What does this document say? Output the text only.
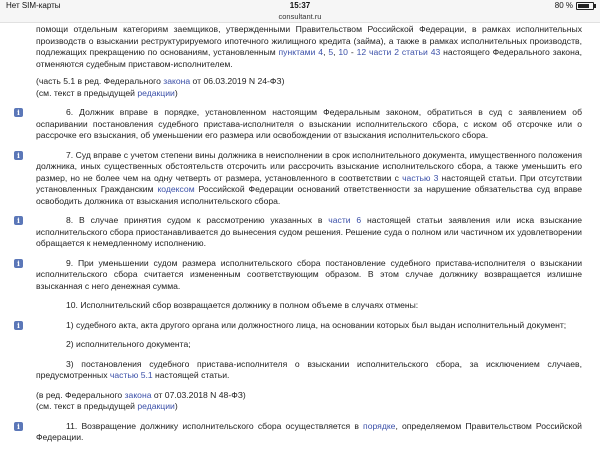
Нет SIM-карты	15:37	80 %
consultant.ru
помощи отдельным категориям заемщиков, утвержденными Правительством Российской Федерации, в рамках исполнительных производств о взыскании реструктурируемого ипотечного жилищного кредита (займа), а также в рамках исполнительных производств, подлежащих прекращению по основаниям, установленным пунктами 4, 5, 10 - 12 части 2 статьи 43 настоящего Федерального закона, отменяются судебным приставом-исполнителем.
(часть 5.1 в ред. Федерального закона от 06.03.2019 N 24-ФЗ)
(см. текст в предыдущей редакции)
i	6. Должник вправе в порядке, установленном настоящим Федеральным законом, обратиться в суд с заявлением об оспаривании постановления судебного пристава-исполнителя о взыскании исполнительского сбора, с иском об отсрочке или о рассрочке его взыскания, об уменьшении его размера или освобождении от взыскания исполнительского сбора.
i	7. Суд вправе с учетом степени вины должника в неисполнении в срок исполнительного документа, имущественного положения должника, иных существенных обстоятельств отсрочить или рассрочить взыскание исполнительского сбора, а также уменьшить его размер, но не более чем на одну четверть от размера, установленного в соответствии с частью 3 настоящей статьи. При отсутствии установленных Гражданским кодексом Российской Федерации оснований ответственности за нарушение обязательства суд вправе освободить должника от взыскания исполнительского сбора.
i	8. В случае принятия судом к рассмотрению указанных в части 6 настоящей статьи заявления или иска взыскание исполнительского сбора приостанавливается до вынесения судом решения. Решение суда о полном или частичном их удовлетворении обращается к немедленному исполнению.
i	9. При уменьшении судом размера исполнительского сбора постановление судебного пристава-исполнителя о взыскании исполнительского сбора считается измененным соответствующим образом. В этом случае должнику возвращается излишне взысканная с него денежная сумма.
10. Исполнительский сбор возвращается должнику в полном объеме в случаях отмены:
i	1) судебного акта, акта другого органа или должностного лица, на основании которых был выдан исполнительный документ;
2) исполнительного документа;
3) постановления судебного пристава-исполнителя о взыскании исполнительского сбора, за исключением случаев, предусмотренных частью 5.1 настоящей статьи.
(в ред. Федерального закона от 07.03.2018 N 48-ФЗ)
(см. текст в предыдущей редакции)
i	11. Возвращение должнику исполнительского сбора осуществляется в порядке, определяемом Правительством Российской Федерации.
